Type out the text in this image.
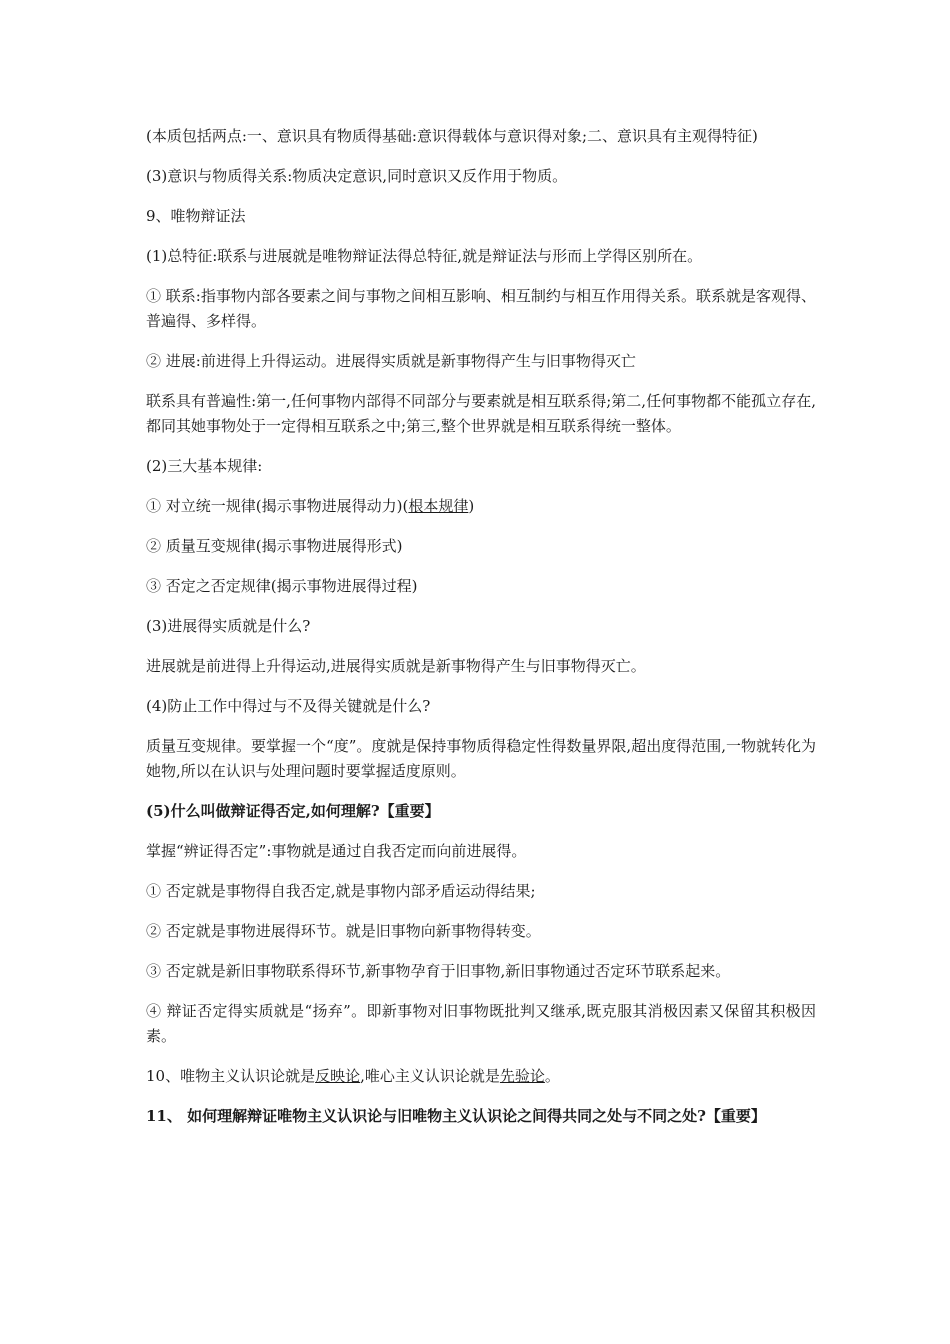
(本质包括两点:一、意识具有物质得基础:意识得载体与意识得对象;二、意识具有主观得特征)

(3)意识与物质得关系:物质决定意识,同时意识又反作用于物质。

9、唯物辩证法

(1)总特征:联系与进展就是唯物辩证法得总特征,就是辩证法与形而上学得区别所在。

① 联系:指事物内部各要素之间与事物之间相互影响、相互制约与相互作用得关系。联系就是客观得、普遍得、多样得。

② 进展:前进得上升得运动。进展得实质就是新事物得产生与旧事物得灭亡

联系具有普遍性:第一,任何事物内部得不同部分与要素就是相互联系得;第二,任何事物都不能孤立存在,都同其她事物处于一定得相互联系之中;第三,整个世界就是相互联系得统一整体。

(2)三大基本规律:

① 对立统一规律(揭示事物进展得动力)(根本规律)

② 质量互变规律(揭示事物进展得形式)

③ 否定之否定规律(揭示事物进展得过程)

(3)进展得实质就是什么?

进展就是前进得上升得运动,进展得实质就是新事物得产生与旧事物得灭亡。

(4)防止工作中得过与不及得关键就是什么?

质量互变规律。要掌握一个“度”。度就是保持事物质得稳定性得数量界限,超出度得范围,一物就转化为她物,所以在认识与处理问题时要掌握适度原则。

(5)什么叫做辩证得否定,如何理解?【重要】

掌握“辨证得否定”:事物就是通过自我否定而向前进展得。

① 否定就是事物得自我否定,就是事物内部矛盾运动得结果;

② 否定就是事物进展得环节。就是旧事物向新事物得转变。

③ 否定就是新旧事物联系得环节,新事物孕育于旧事物,新旧事物通过否定环节联系起来。

④ 辩证否定得实质就是“扬弃”。即新事物对旧事物既批判又继承,既克服其消极因素又保留其积极因素。

10、唯物主义认识论就是反映论,唯心主义认识论就是先验论。

11、 如何理解辩证唯物主义认识论与旧唯物主义认识论之间得共同之处与不同之处?【重要】
